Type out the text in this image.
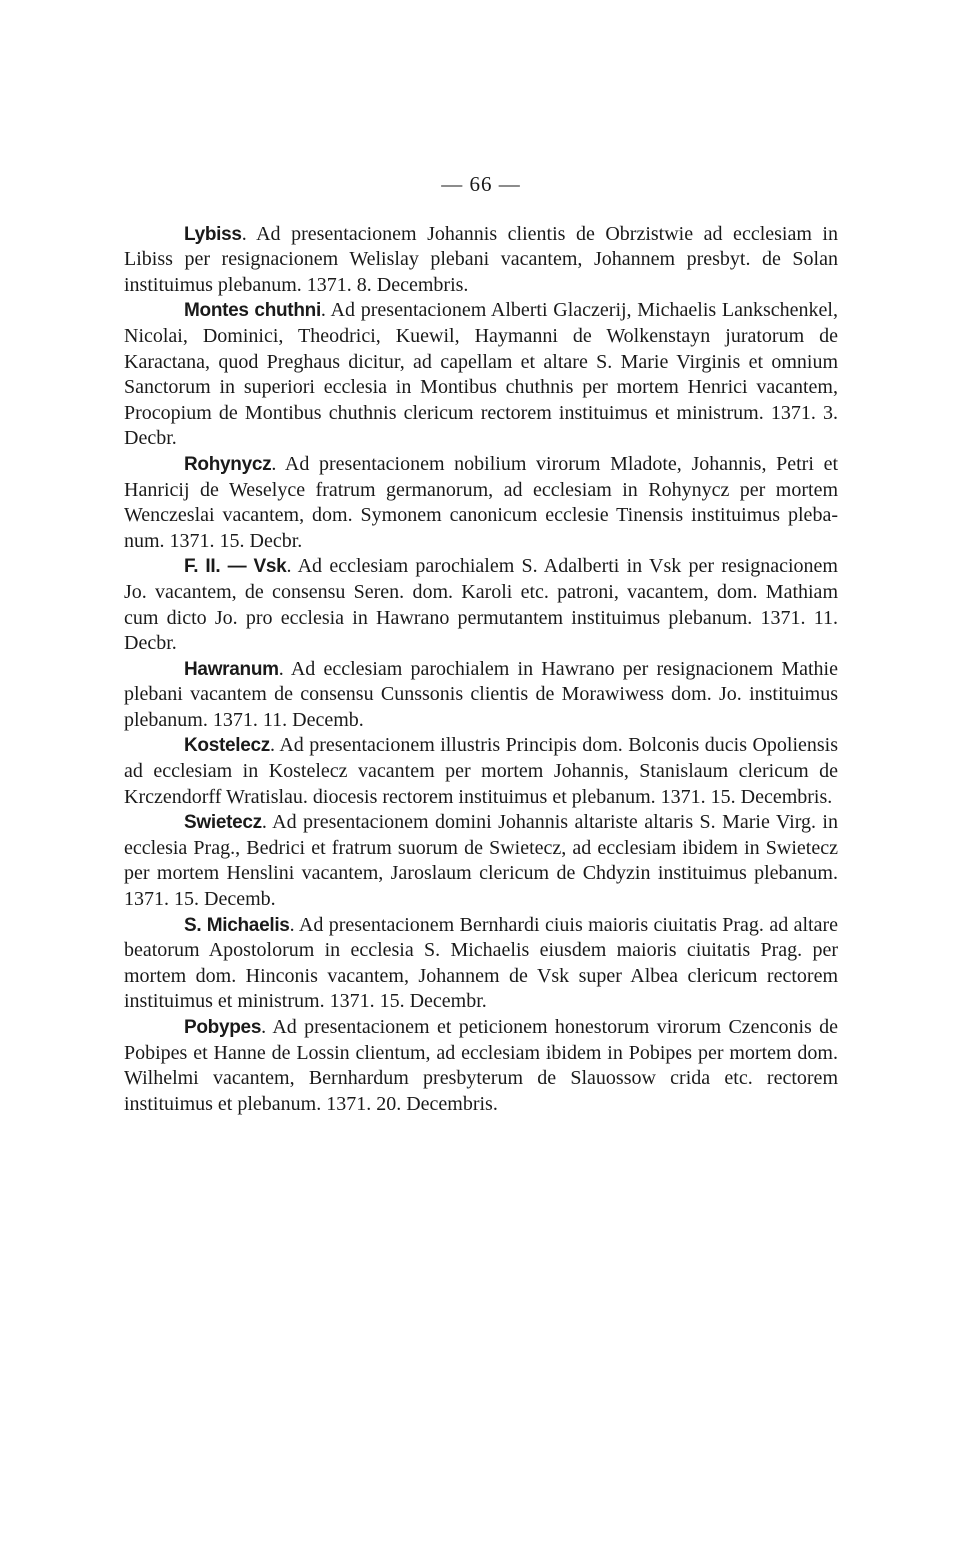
— 66 —

Lybiss. Ad presentacionem Johannis clientis de Obrzistwie ad ecclesiam in Libiss per resignacionem Welislay plebani vacantem, Johannem presbyt. de Solan instituimus plebanum. 1371. 8. Decembris.

Montes chuthni. Ad presentacionem Alberti Glaczerij, Michaelis Lankschenkel, Nicolai, Dominici, Theodrici, Kuewil, Haymanni de Wolkenstayn juratorum de Karactana, quod Preghaus dicitur, ad capellam et altare S. Marie Virginis et omnium Sanctorum in superiori ecclesia in Montibus chuthnis per mortem Henrici vacantem, Procopium de Montibus chuthnis clericum rectorem instituimus et ministrum. 1371. 3. Decbr.

Rohynycz. Ad presentacionem nobilium virorum Mladote, Johannis, Petri et Hanricij de Weselyce fratrum germanorum, ad ecclesiam in Rohynycz per mortem Wenczeslai vacantem, dom. Symonem canonicum ecclesie Tinensis instituimus plebanum. 1371. 15. Decbr.

F. II. — Vsk. Ad ecclesiam parochialem S. Adalberti in Vsk per resignacionem Jo. vacantem, de consensu Seren. dom. Karoli etc. patroni, vacantem, dom. Mathiam cum dicto Jo. pro ecclesia in Hawrano permutantem instituimus plebanum. 1371. 11. Decbr.

Hawranum. Ad ecclesiam parochialem in Hawrano per resignacionem Mathie plebani vacantem de consensu Cunssonis clientis de Morawiwess dom. Jo. instituimus plebanum. 1371. 11. Decemb.

Kostelecz. Ad presentacionem illustris Principis dom. Bolconis ducis Opoliensis ad ecclesiam in Kostelecz vacantem per mortem Johannis, Stanislaum clericum de Krczendorff Wratislau. diocesis rectorem instituimus et plebanum. 1371. 15. Decembris.

Swietecz. Ad presentacionem domini Johannis altariste altaris S. Marie Virg. in ecclesia Prag., Bedrici et fratrum suorum de Swietecz, ad ecclesiam ibidem in Swietecz per mortem Henslini vacantem, Jaroslaum clericum de Chdyzin instituimus plebanum. 1371. 15. Decemb.

S. Michaelis. Ad presentacionem Bernhardi ciuis maioris ciuitatis Prag. ad altare beatorum Apostolorum in ecclesia S. Michaelis eiusdem maioris ciuitatis Prag. per mortem dom. Hinconis vacantem, Johannem de Vsk super Albea clericum rectorem instituimus et ministrum. 1371. 15. Decembr.

Pobypes. Ad presentacionem et peticionem honestorum virorum Czenconis de Pobipes et Hanne de Lossin clientum, ad ecclesiam ibidem in Pobipes per mortem dom. Wilhelmi vacantem, Bernhardum presbyterum de Slauossow crida etc. rectorem instituimus et plebanum. 1371. 20. Decembris.
